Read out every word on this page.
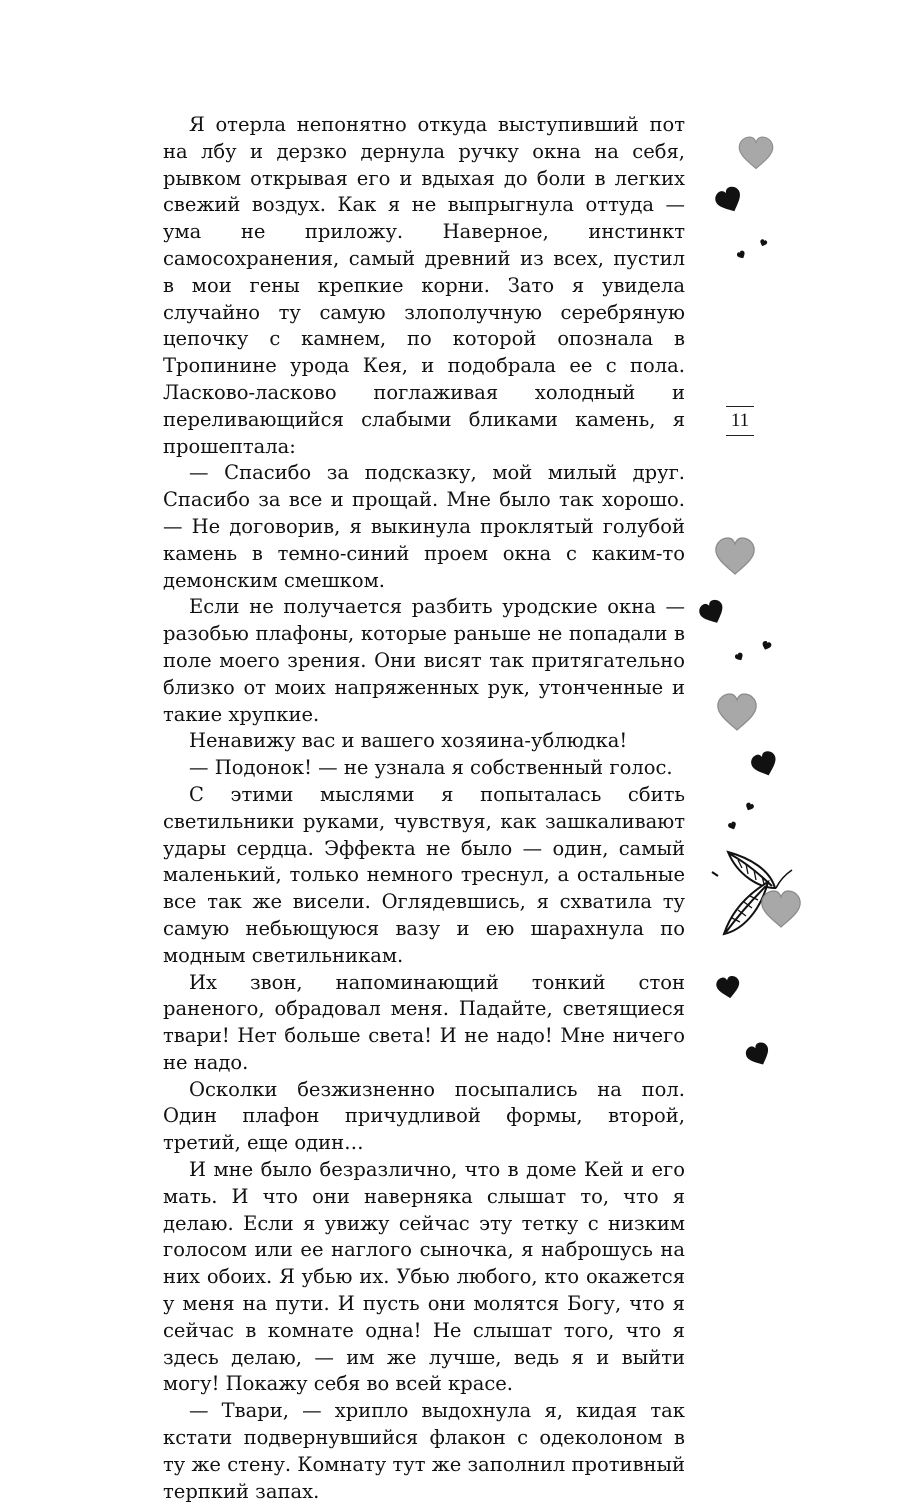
Я отерла непонятно откуда выступивший пот на лбу и дерзко дернула ручку окна на себя, рывком открывая его и вдыхая до боли в легких свежий воздух. Как я не выпрыгнула оттуда — ума не приложу. Наверное, инстинкт самосохранения, самый древний из всех, пустил в мои гены крепкие корни. Зато я увидела случайно ту самую злополучную серебряную цепочку с камнем, по которой опознала в Тропинине урода Кея, и подобрала ее с пола. Ласково-ласково поглаживая холодный и переливающийся слабыми бликами камень, я прошептала:

— Спасибо за подсказку, мой милый друг. Спасибо за все и прощай. Мне было так хорошо. — Не договорив, я выкинула проклятый голубой камень в темно-синий проем окна с каким-то демонским смешком.

Если не получается разбить уродские окна — разобью плафоны, которые раньше не попадали в поле моего зрения. Они висят так притягательно близко от моих напряженных рук, утонченные и такие хрупкие.

Ненавижу вас и вашего хозяина-ублюдка!

— Подонок! — не узнала я собственный голос.

С этими мыслями я попыталась сбить светильники руками, чувствуя, как зашкаливают удары сердца. Эффекта не было — один, самый маленький, только немного треснул, а остальные все так же висели. Оглядевшись, я схватила ту самую небьющуюся вазу и ею шарахнула по модным светильникам.

Их звон, напоминающий тонкий стон раненого, обрадовал меня. Падайте, светящиеся твари! Нет больше света! И не надо! Мне ничего не надо.

Осколки безжизненно посыпались на пол. Один плафон причудливой формы, второй, третий, еще один…

И мне было безразлично, что в доме Кей и его мать. И что они наверняка слышат то, что я делаю. Если я увижу сейчас эту тетку с низким голосом или ее наглого сыночка, я наброшусь на них обоих. Я убью их. Убью любого, кто окажется у меня на пути. И пусть они молятся Богу, что я сейчас в комнате одна! Не слышат того, что я здесь делаю, — им же лучше, ведь я и выйти могу! Покажу себя во всей красе.

— Твари, — хрипло выдохнула я, кидая так кстати подвернувшийся флакон с одеколоном в ту же стену. Комнату тут же заполнил противный терпкий запах.

11
